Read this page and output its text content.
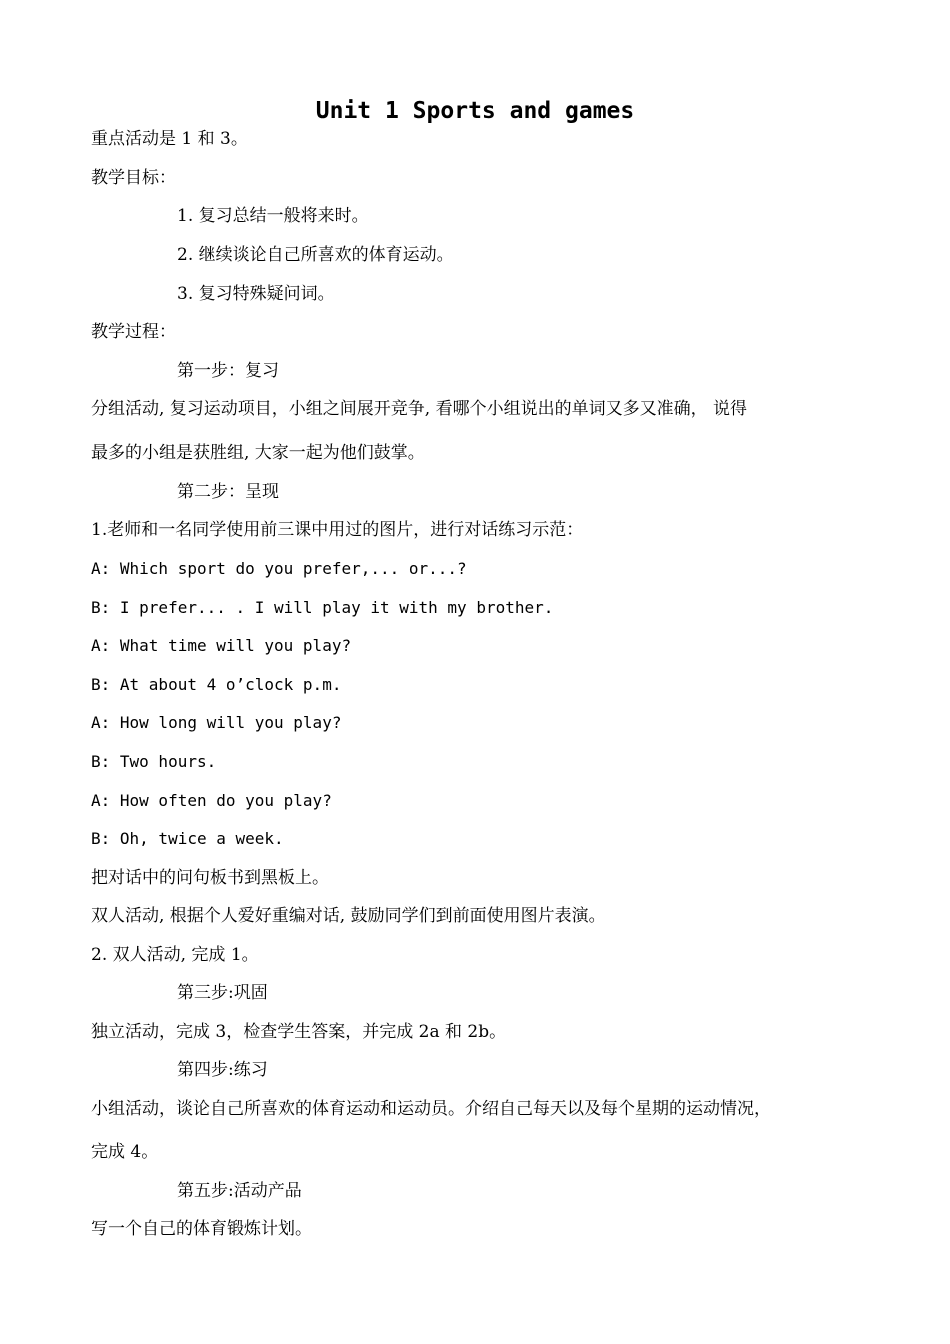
Unit 1 Sports and games
重点活动是 1 和 3。
教学目标：
1. 复习总结一般将来时。
2. 继续谈论自己所喜欢的体育运动。
3. 复习特殊疑问词。
教学过程：
第一步：复习
分组活动, 复习运动项目，小组之间展开竞争, 看哪个小组说出的单词又多又准确， 说得
最多的小组是获胜组, 大家一起为他们鼓掌。
第二步：呈现
1.老师和一名同学使用前三课中用过的图片，进行对话练习示范：
A: Which sport do you prefer,... or...?
B: I prefer... . I will play it with my brother.
A: What time will you play?
B: At about 4 o’clock p.m.
A: How long will you play?
B: Two hours.
A: How often do you play?
B: Oh, twice a week.
把对话中的问句板书到黑板上。
双人活动, 根据个人爱好重编对话, 鼓励同学们到前面使用图片表演。
2. 双人活动, 完成 1。
第三步:巩固
独立活动，完成 3，检查学生答案，并完成 2a 和 2b。
第四步:练习
小组活动，谈论自己所喜欢的体育运动和运动员。介绍自己每天以及每个星期的运动情况，
完成 4。
第五步:活动产品
写一个自己的体育锻炼计划。
